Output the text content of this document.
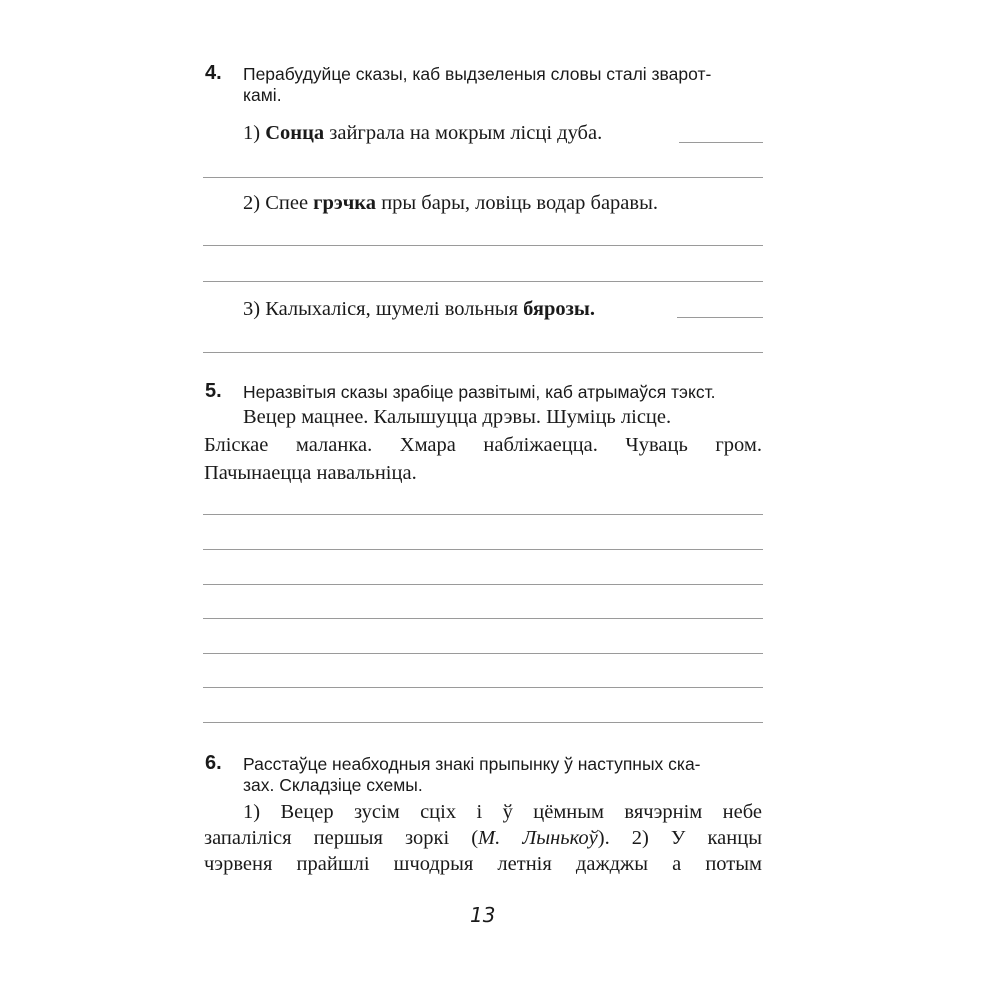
4. Перабудуйце сказы, каб выдзеленыя словы сталі зварот-
камі.
1) Сонца зайграла на мокрым лісці дуба.
2) Спее грэчка пры бары, ловіць водар баравы.
3) Калыхаліся, шумелі вольныя бярозы.
5. Неразвітыя сказы зрабіце развітымі, каб атрымаўся тэкст.
Вецер мацнее. Калышуцца дрэвы. Шуміць лісце.
Бліскае маланка. Хмара набліжаецца. Чуваць гром.
Пачынаецца навальніца.
6. Расстаўце неабходныя знакі прыпынку ў наступных ска-
зах. Складзіце схемы.
1) Вецер зусім сціх і ў цёмным вячэрнім небе
запаліліся першыя зоркі (М. Лынькоў). 2) У канцы
чэрвеня прайшлі шчодрыя летнія дажджы а потым
13
